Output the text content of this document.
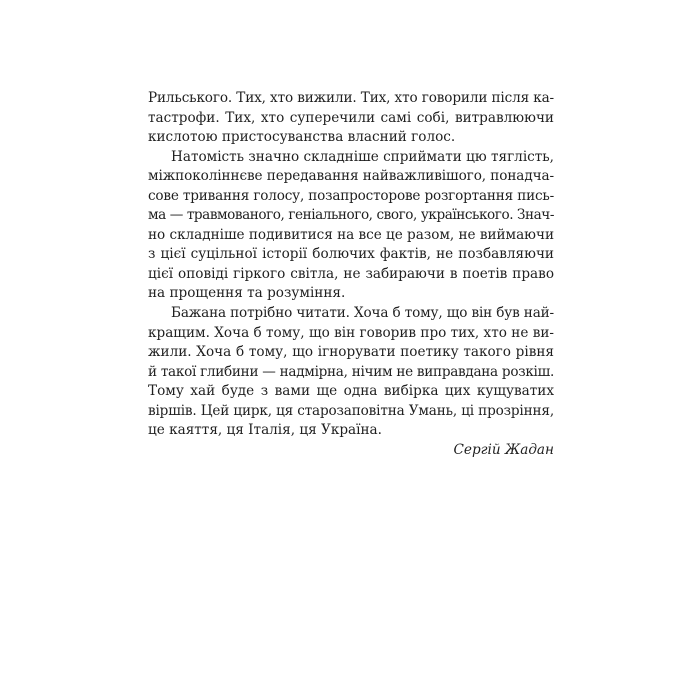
Рильського. Тих, хто вижили. Тих, хто говорили після ка-
тастрофи. Тих, хто суперечили самі собі, витравлюючи
кислотою пристосуванства власний голос.
Натомість значно складніше сприймати цю тяглість,
міжпоколіннєве передавання найважливішого, понадча-
сове тривання голосу, позапросторове розгортання пись-
ма — травмованого, геніального, свого, українського. Знач-
но складніше подивитися на все це разом, не виймаючи
з цієї суцільної історії болючих фактів, не позбавляючи
цієї оповіді гіркого світла, не забираючи в поетів право
на прощення та розуміння.
Бажана потрібно читати. Хоча б тому, що він був най-
кращим. Хоча б тому, що він говорив про тих, хто не ви-
жили. Хоча б тому, що ігнорувати поетику такого рівня
й такої глибини — надмірна, нічим не виправдана розкіш.
Тому хай буде з вами ще одна вибірка цих кущуватих
віршів. Цей цирк, ця старозаповітна Умань, ці прозріння,
це каяття, ця Італія, ця Україна.
Сергій Жадан
